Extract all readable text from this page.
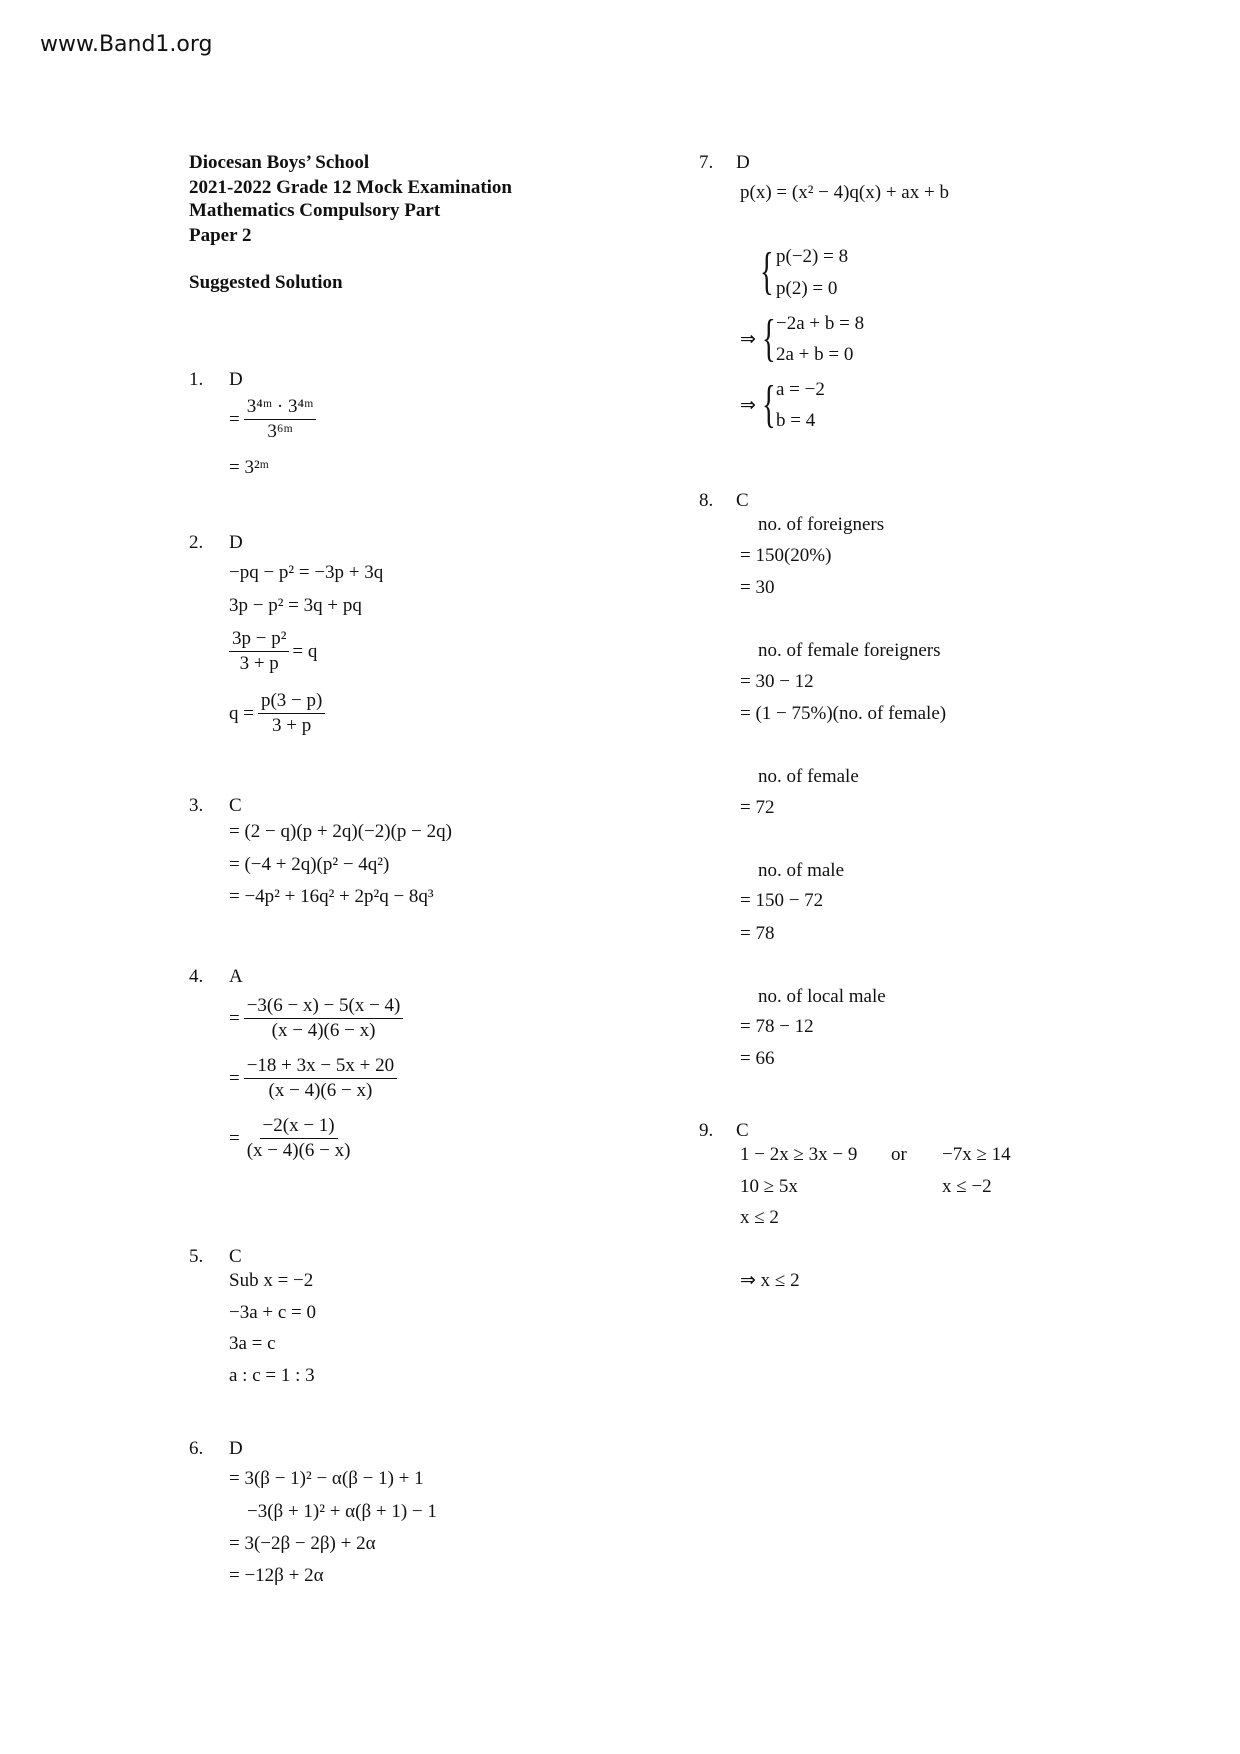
www.Band1.org
Diocesan Boys’ School
2021-2022 Grade 12 Mock Examination
Mathematics Compulsory Part
Paper 2
Suggested Solution
1. D
= $\frac{\text{3⁴ᵐ · 3⁴ᵐ}}{\text{3⁶ᵐ}}$
= 3²ᵐ
2. D
−pq − p² = −3p + 3q
3p − p² = 3q + pq
$\frac{\text{3p − p²}}{3 + p} = q$
$q = \frac{p(3 - p)}{3 + p}$
3. C
= (2 − q)(p + 2q)(−2)(p − 2q)
= (−4 + 2q)(p² − 4q²)
= −4p² + 16q² + 2p²q − 8q³
4. A
= $\frac{-3(6 - x) - 5(x - 4)}{(x - 4)(6 - x)}$
= $\frac{-18 + 3x - 5x + 20}{(x - 4)(6 - x)}$
= $\frac{-2(x - 1)}{(x - 4)(6 - x)}$
5. C
Sub x = −2
−3a + c = 0
3a = c
a : c = 1 : 3
6. D
= 3(β − 1)² − α(β − 1) + 1
−3(β + 1)² + α(β + 1) − 1
= 3(−2β − 2β) + 2α
= −12β + 2α
7. D
p(x) = (x² − 4)q(x) + ax + b
{ p(−2) = 8
p(2) = 0
⇒ { −2a + b = 8
2a + b = 0
⇒ { a = −2
b = 4
8. C
no. of foreigners
= 150(20%)
= 30
no. of female foreigners
= 30 − 12
= (1 − 75%)(no. of female)
no. of female
= 72
no. of male
= 150 − 72
= 78
no. of local male
= 78 − 12
= 66
9. C
1 − 2x ≥ 3x − 9 or −7x ≥ 14
10 ≥ 5x	x ≤ −2
x ≤ 2
⇒ x ≤ 2
